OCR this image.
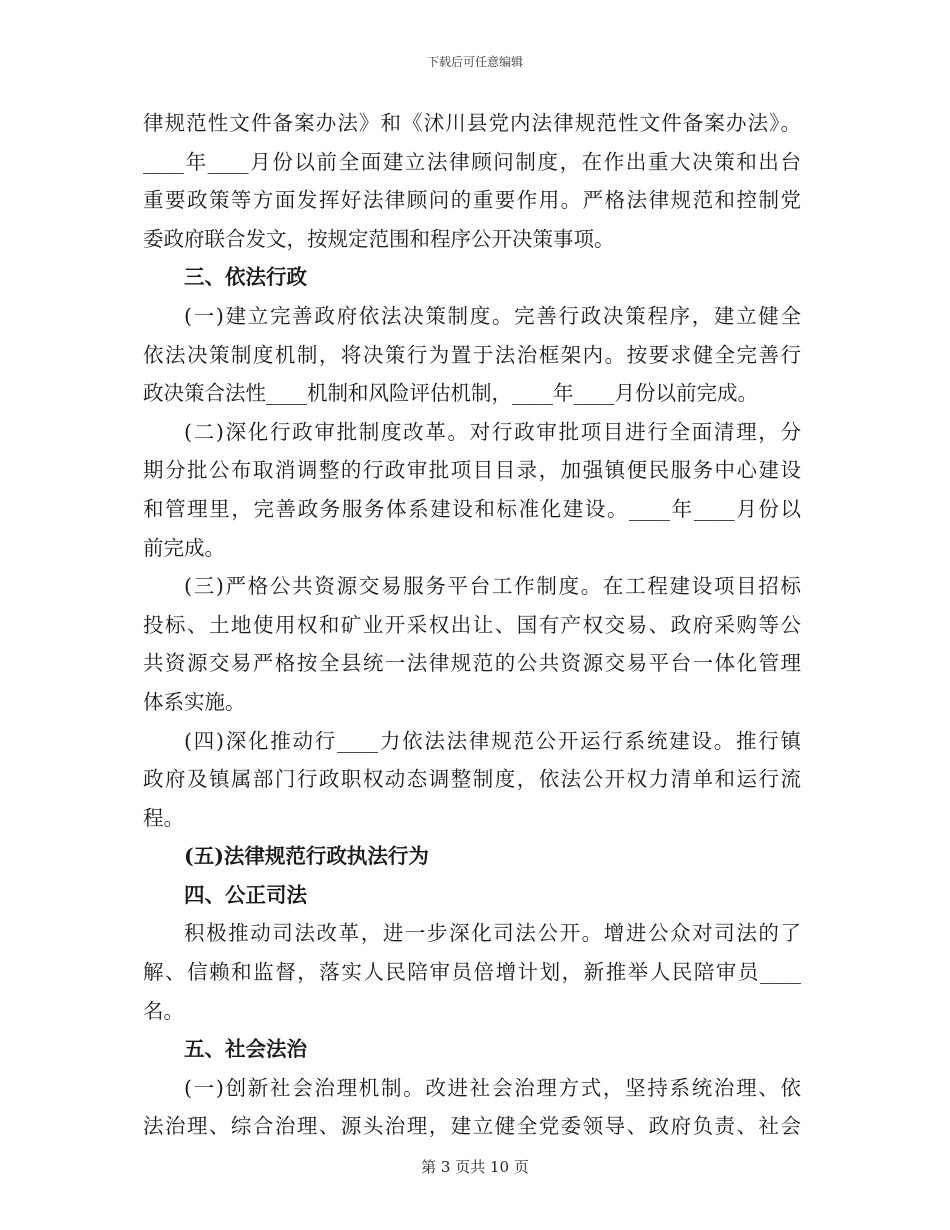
下载后可任意编辑
律规范性文件备案办法》和《沭川县党内法律规范性文件备案办法》。
____年____月份以前全面建立法律顾问制度，在作出重大决策和出台
重要政策等方面发挥好法律顾问的重要作用。严格法律规范和控制党
委政府联合发文，按规定范围和程序公开决策事项。
三、依法行政
(一)建立完善政府依法决策制度。完善行政决策程序，建立健全
依法决策制度机制，将决策行为置于法治框架内。按要求健全完善行
政决策合法性____机制和风险评估机制，____年____月份以前完成。
(二)深化行政审批制度改革。对行政审批项目进行全面清理，分
期分批公布取消调整的行政审批项目目录，加强镇便民服务中心建设
和管理里，完善政务服务体系建设和标准化建设。____年____月份以
前完成。
(三)严格公共资源交易服务平台工作制度。在工程建设项目招标
投标、土地使用权和矿业开采权出让、国有产权交易、政府采购等公
共资源交易严格按全县统一法律规范的公共资源交易平台一体化管理
体系实施。
(四)深化推动行____力依法法律规范公开运行系统建设。推行镇
政府及镇属部门行政职权动态调整制度，依法公开权力清单和运行流
程。
(五)法律规范行政执法行为
四、公正司法
积极推动司法改革，进一步深化司法公开。增进公众对司法的了
解、信赖和监督，落实人民陪审员倍增计划，新推举人民陪审员____
名。
五、社会法治
(一)创新社会治理机制。改进社会治理方式，坚持系统治理、依
法治理、综合治理、源头治理，建立健全党委领导、政府负责、社会
第 3 页共 10 页
